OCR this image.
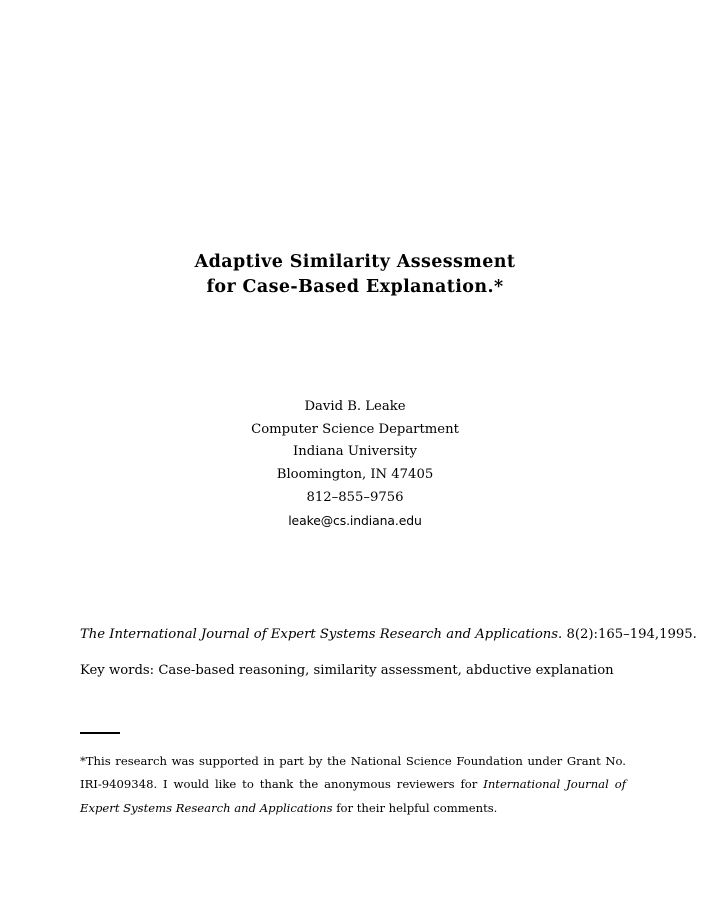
Adaptive Similarity Assessment
for Case-Based Explanation.*
David B. Leake
Computer Science Department
Indiana University
Bloomington, IN 47405
812–855–9756
leake@cs.indiana.edu
The International Journal of Expert Systems Research and Applications. 8(2):165–194,1995.
Key words: Case-based reasoning, similarity assessment, abductive explanation
*This research was supported in part by the National Science Foundation under Grant No. IRI-9409348. I would like to thank the anonymous reviewers for International Journal of Expert Systems Research and Applications for their helpful comments.
